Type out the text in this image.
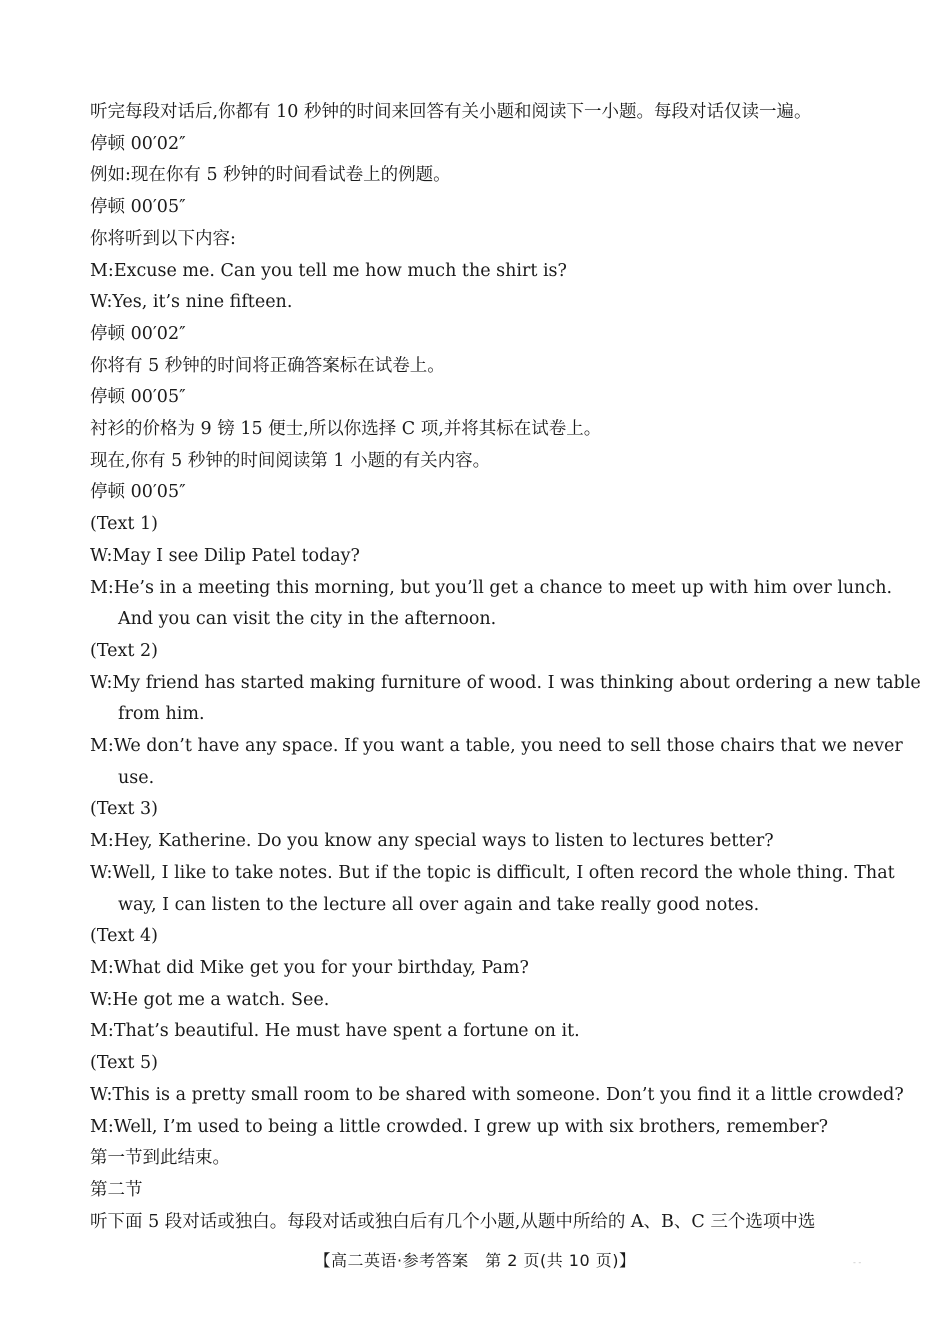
听完每段对话后,你都有 10 秒钟的时间来回答有关小题和阅读下一小题。每段对话仅读一遍。
停顿 00′02″
例如:现在你有 5 秒钟的时间看试卷上的例题。
停顿 00′05″
你将听到以下内容:
M:Excuse me. Can you tell me how much the shirt is?
W:Yes, it’s nine fifteen.
停顿 00′02″
你将有 5 秒钟的时间将正确答案标在试卷上。
停顿 00′05″
衬衫的价格为 9 镑 15 便士,所以你选择 C 项,并将其标在试卷上。
现在,你有 5 秒钟的时间阅读第 1 小题的有关内容。
停顿 00′05″
(Text 1)
W:May I see Dilip Patel today?
M:He’s in a meeting this morning, but you’ll get a chance to meet up with him over lunch.
And you can visit the city in the afternoon.
(Text 2)
W:My friend has started making furniture of wood. I was thinking about ordering a new table
from him.
M:We don’t have any space. If you want a table, you need to sell those chairs that we never
use.
(Text 3)
M:Hey, Katherine. Do you know any special ways to listen to lectures better?
W:Well, I like to take notes. But if the topic is difficult, I often record the whole thing. That
way, I can listen to the lecture all over again and take really good notes.
(Text 4)
M:What did Mike get you for your birthday, Pam?
W:He got me a watch. See.
M:That’s beautiful. He must have spent a fortune on it.
(Text 5)
W:This is a pretty small room to be shared with someone. Don’t you find it a little crowded?
M:Well, I’m used to being a little crowded. I grew up with six brothers, remember?
第一节到此结束。
第二节
听下面 5 段对话或独白。每段对话或独白后有几个小题,从题中所给的 A、B、C 三个选项中选
【高二英语·参考答案　第 2 页(共 10 页)】	- -
